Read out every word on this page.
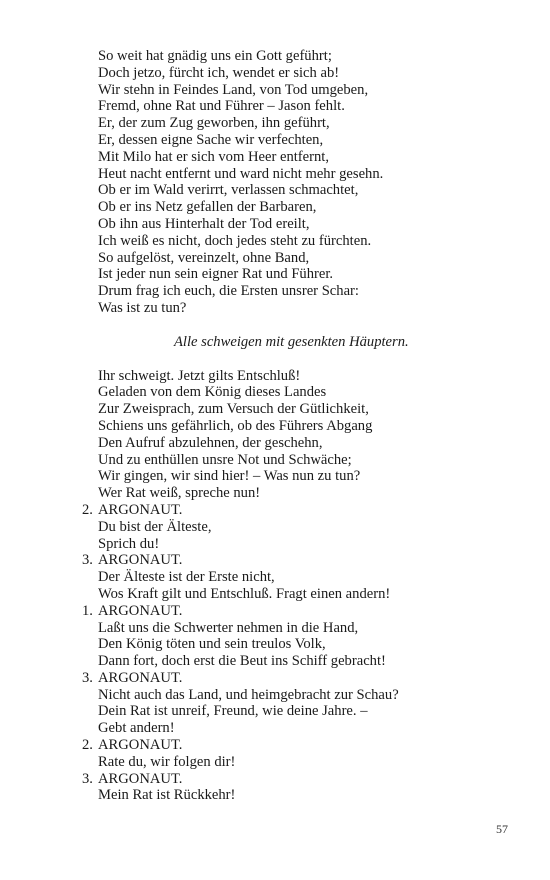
So weit hat gnädig uns ein Gott geführt;
Doch jetzo, fürcht ich, wendet er sich ab!
Wir stehn in Feindes Land, von Tod umgeben,
Fremd, ohne Rat und Führer – Jason fehlt.
Er, der zum Zug geworben, ihn geführt,
Er, dessen eigne Sache wir verfechten,
Mit Milo hat er sich vom Heer entfernt,
Heut nacht entfernt und ward nicht mehr gesehn.
Ob er im Wald verirrt, verlassen schmachtet,
Ob er ins Netz gefallen der Barbaren,
Ob ihn aus Hinterhalt der Tod ereilt,
Ich weiß es nicht, doch jedes steht zu fürchten.
So aufgelöst, vereinzelt, ohne Band,
Ist jeder nun sein eigner Rat und Führer.
Drum frag ich euch, die Ersten unsrer Schar:
Was ist zu tun?
Alle schweigen mit gesenkten Häuptern.
Ihr schweigt. Jetzt gilts Entschluß!
Geladen von dem König dieses Landes
Zur Zweisprach, zum Versuch der Gütlichkeit,
Schiens uns gefährlich, ob des Führers Abgang
Den Aufruf abzulehnen, der geschehn,
Und zu enthüllen unsre Not und Schwäche;
Wir gingen, wir sind hier! – Was nun zu tun?
Wer Rat weiß, spreche nun!
2. ARGONAUT.
Du bist der Älteste,
Sprich du!
3. ARGONAUT.
Der Älteste ist der Erste nicht,
Wos Kraft gilt und Entschluß. Fragt einen andern!
1. ARGONAUT.
Laßt uns die Schwerter nehmen in die Hand,
Den König töten und sein treulos Volk,
Dann fort, doch erst die Beut ins Schiff gebracht!
3. ARGONAUT.
Nicht auch das Land, und heimgebracht zur Schau?
Dein Rat ist unreif, Freund, wie deine Jahre. –
Gebt andern!
2. ARGONAUT.
Rate du, wir folgen dir!
3. ARGONAUT.
Mein Rat ist Rückkehr!
57
